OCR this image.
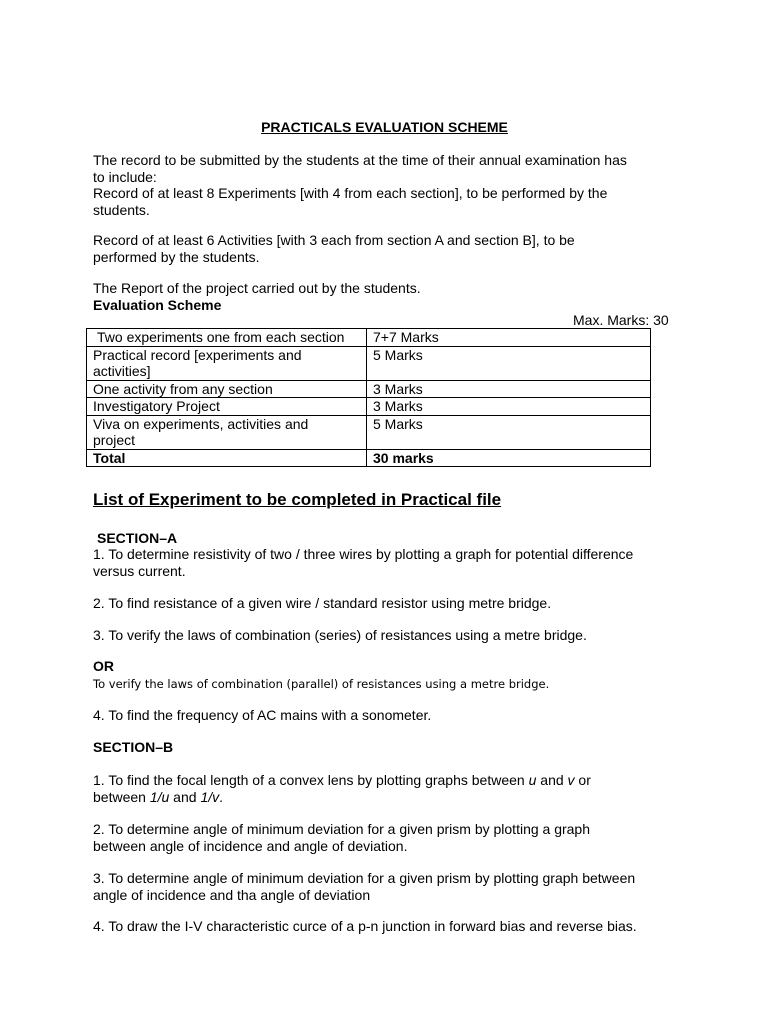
PRACTICALS EVALUATION SCHEME

The record to be submitted by the students at the time of their annual examination has

to include:

Record of at least 8 Experiments [with 4 from each section], to be performed by the

students.

Record of at least 6 Activities [with 3 each from section A and section B], to be

performed by the students.

The Report of the project carried out by the students.

Evaluation Scheme

Max. Marks: 30
Two experiments one from each section	7+7 Marks

Practical record [experiments and
activities]	5 Marks
One activity from any section	3 Marks
Investigatory Project	3 Marks

Viva on experiments, activities and
project	5 Marks
Total	30 marks
List of Experiment to be completed in Practical file
SECTION–A

1. To determine resistivity of two / three wires by plotting a graph for potential difference

versus current.

2. To find resistance of a given wire / standard resistor using metre bridge.
3. To verify the laws of combination (series) of resistances using a metre bridge.
OR
To verify the laws of combination (parallel) of resistances using a metre bridge.
4. To find the frequency of AC mains with a sonometer.
SECTION–B

1. To find the focal length of a convex lens by plotting graphs between u and v or

between 1/u and 1/v.

2. To determine angle of minimum deviation for a given prism by plotting a graph

between angle of incidence and angle of deviation.

3. To determine angle of minimum deviation for a given prism by plotting graph between

angle of incidence and tha angle of deviation

4. To draw the I-V characteristic curce of a p-n junction in forward bias and reverse bias.
